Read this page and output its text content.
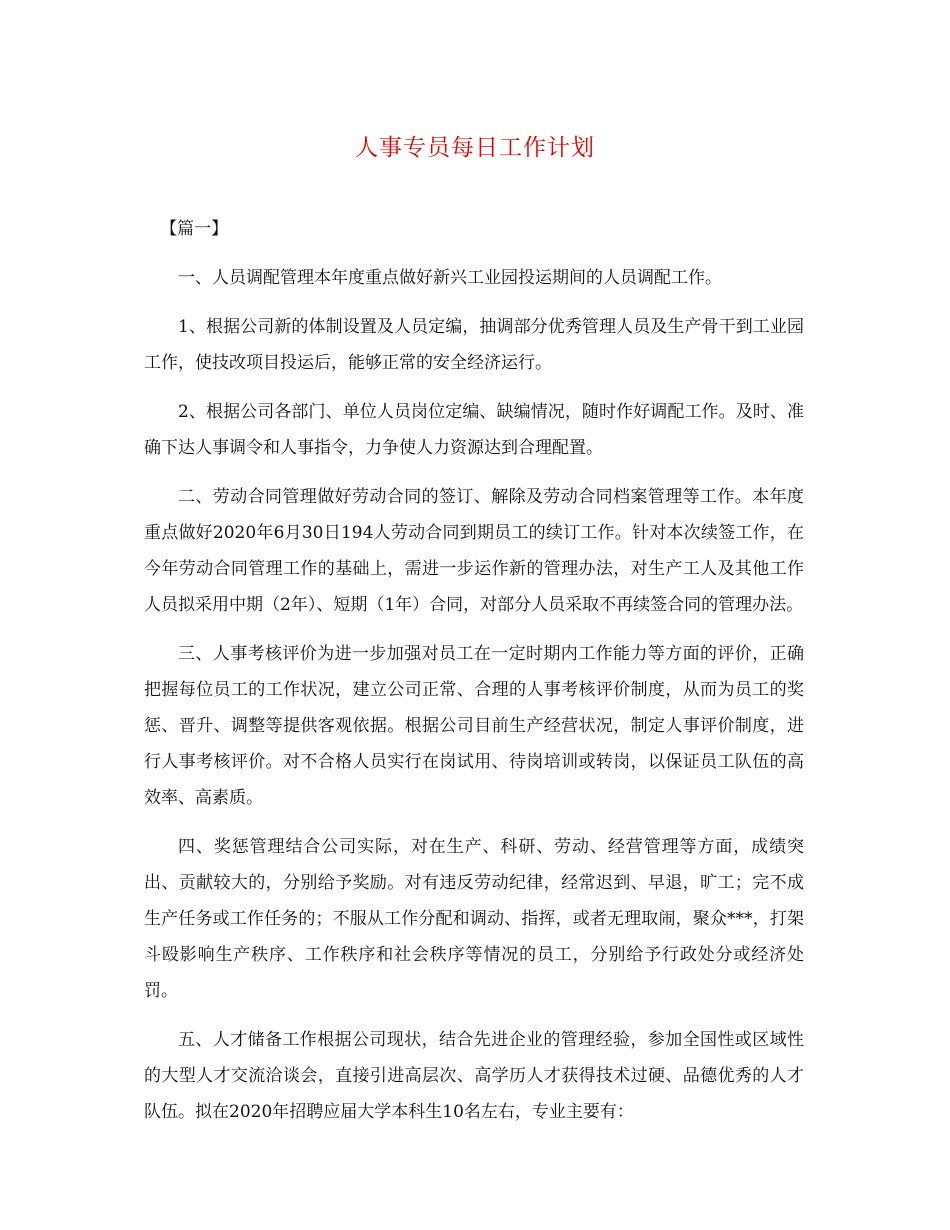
人事专员每日工作计划

【篇一】

一、人员调配管理本年度重点做好新兴工业园投运期间的人员调配工作。

1、根据公司新的体制设置及人员定编，抽调部分优秀管理人员及生产骨干到工业园工作，使技改项目投运后，能够正常的安全经济运行。

2、根据公司各部门、单位人员岗位定编、缺编情况，随时作好调配工作。及时、准确下达人事调令和人事指令，力争使人力资源达到合理配置。

二、劳动合同管理做好劳动合同的签订、解除及劳动合同档案管理等工作。本年度重点做好2020年6月30日194人劳动合同到期员工的续订工作。针对本次续签工作，在今年劳动合同管理工作的基础上，需进一步运作新的管理办法，对生产工人及其他工作人员拟采用中期（2年）、短期（1年）合同，对部分人员采取不再续签合同的管理办法。

三、人事考核评价为进一步加强对员工在一定时期内工作能力等方面的评价，正确把握每位员工的工作状况，建立公司正常、合理的人事考核评价制度，从而为员工的奖惩、晋升、调整等提供客观依据。根据公司目前生产经营状况，制定人事评价制度，进行人事考核评价。对不合格人员实行在岗试用、待岗培训或转岗，以保证员工队伍的高效率、高素质。

四、奖惩管理结合公司实际，对在生产、科研、劳动、经营管理等方面，成绩突出、贡献较大的，分别给予奖励。对有违反劳动纪律，经常迟到、早退，旷工；完不成生产任务或工作任务的；不服从工作分配和调动、指挥，或者无理取闹，聚众***，打架斗殴影响生产秩序、工作秩序和社会秩序等情况的员工，分别给予行政处分或经济处罚。

五、人才储备工作根据公司现状，结合先进企业的管理经验，参加全国性或区域性的大型人才交流洽谈会，直接引进高层次、高学历人才获得技术过硬、品德优秀的人才队伍。拟在2020年招聘应届大学本科生10名左右，专业主要有：
